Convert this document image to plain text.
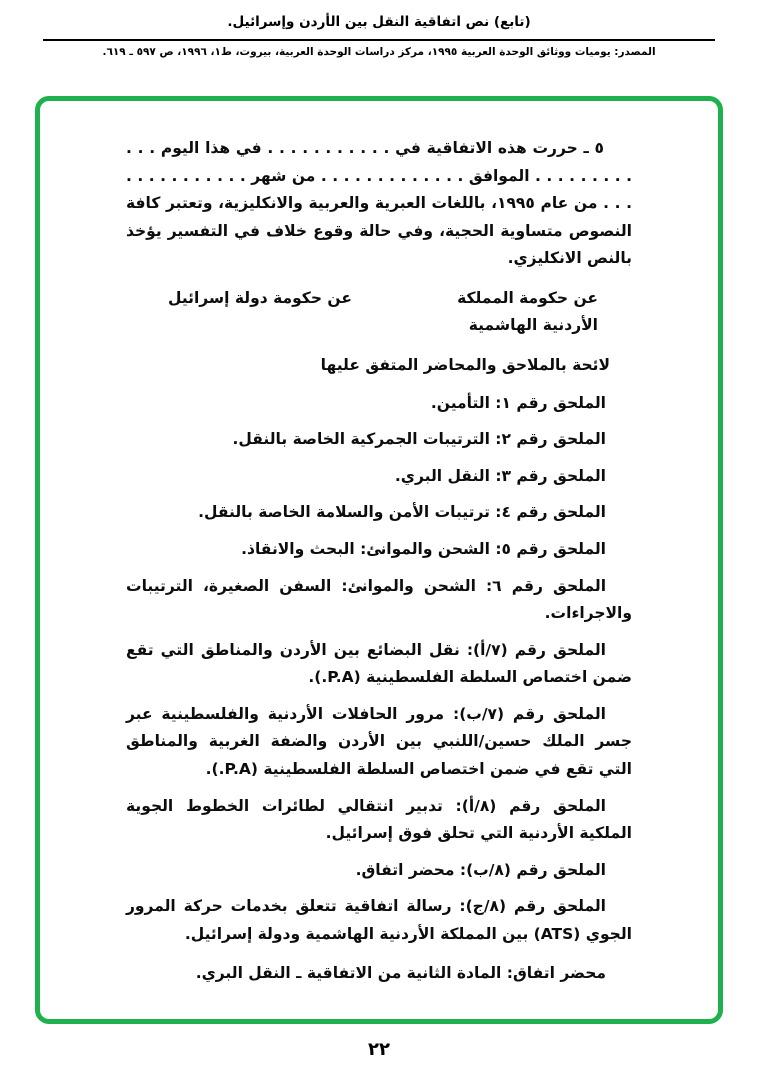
(تابع) نص اتفاقية النقل بين الأردن وإسرائيل.
المصدر: يوميات ووثائق الوحدة العربية ١٩٩٥، مركز دراسات الوحدة العربية، بيروت، ط١، ١٩٩٦، ص ٥٩٧ ـ ٦١٩.

٥ ـ حررت هذه الاتفاقية في . . . . . . . . . . . في هذا اليوم . . . . . . . . . . . . الموافق . . . . . . . . . . . . . من شهر . . . . . . . . . . . . . . من عام ١٩٩٥، باللغات العبرية والعربية والانكليزية، وتعتبر كافة النصوص متساوية الحجية، وفي حالة وقوع خلاف في التفسير يؤخذ بالنص الانكليزي.

عن حكومة المملكة الأردنية الهاشمية
عن حكومة دولة إسرائيل
لائحة بالملاحق والمحاضر المتفق عليها

الملحق رقم ١: التأمين.

الملحق رقم ٢: الترتيبات الجمركية الخاصة بالنقل.

الملحق رقم ٣: النقل البري.

الملحق رقم ٤: ترتيبات الأمن والسلامة الخاصة بالنقل.

الملحق رقم ٥: الشحن والموانئ: البحث والانقاذ.

الملحق رقم ٦: الشحن والموانئ: السفن الصغيرة، الترتيبات والاجراءات.

الملحق رقم (٧/أ): نقل البضائع بين الأردن والمناطق التي تقع ضمن اختصاص السلطة الفلسطينية (P.A.).

الملحق رقم (٧/ب): مرور الحافلات الأردنية والفلسطينية عبر جسر الملك حسين/اللنبي بين الأردن والضفة الغربية والمناطق التي تقع في ضمن اختصاص السلطة الفلسطينية (P.A.).

الملحق رقم (٨/أ): تدبير انتقالي لطائرات الخطوط الجوية الملكية الأردنية التي تحلق فوق إسرائيل.

الملحق رقم (٨/ب): محضر اتفاق.

الملحق رقم (٨/ج): رسالة اتفاقية تتعلق بخدمات حركة المرور الجوي (ATS) بين المملكة الأردنية الهاشمية ودولة إسرائيل.

محضر اتفاق: المادة الثانية من الاتفاقية ـ النقل البري.

٢٢
